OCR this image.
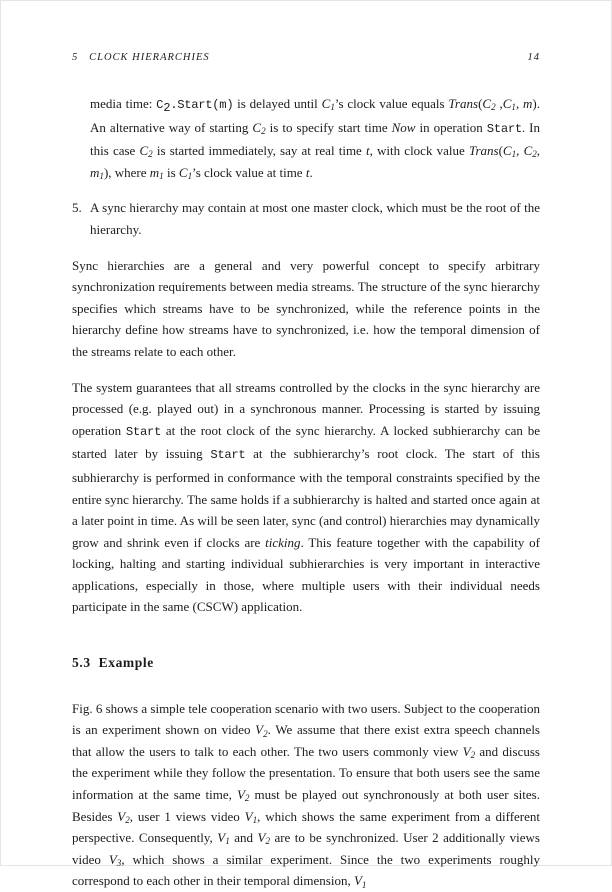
5   CLOCK HIERARCHIES	14
media time: $C_2.Start(m)$ is delayed until $C_1’s$ clock value equals $Trans(C_2$ $,C_1$, m). An alternative way of starting $C_2$ is to specify start time Now in operation Start. In this case $C_2$ is started immediately, say at real time t, with clock value $Trans(C_1$, $C_2$, $m_1$), where $m_1$ is $C_1’s$ clock value at time t.
5. A sync hierarchy may contain at most one master clock, which must be the root of the hierarchy.

Sync hierarchies are a general and very powerful concept to specify arbitrary synchronization requirements between media streams. The structure of the sync hierarchy specifies which streams have to be synchronized, while the reference points in the hierarchy define how streams have to synchronized, i.e. how the temporal dimension of the streams relate to each other.

The system guarantees that all streams controlled by the clocks in the sync hierarchy are processed (e.g. played out) in a synchronous manner. Processing is started by issuing operation Start at the root clock of the sync hierarchy. A locked subhierarchy can be started later by issuing Start at the subhierarchy’s root clock. The start of this subhierarchy is performed in conformance with the temporal constraints specified by the entire sync hierarchy. The same holds if a subhierarchy is halted and started once again at a later point in time. As will be seen later, sync (and control) hierarchies may dynamically grow and shrink even if clocks are ticking. This feature together with the capability of locking, halting and starting individual subhierarchies is very important in interactive applications, especially in those, where multiple users with their individual needs participate in the same (CSCW) application.

5.3  Example

Fig. 6 shows a simple tele cooperation scenario with two users. Subject to the cooperation is an experiment shown on video $V_2$. We assume that there exist extra speech channels that allow the users to talk to each other. The two users commonly view $V_2$ and discuss the experiment while they follow the presentation. To ensure that both users see the same information at the same time, $V_2$ must be played out synchronously at both user sites. Besides $V_2$, user 1 views video $V_1$, which shows the same experiment from a different perspective. Consequently, $V_1$ and $V_2$ are to be synchronized. User 2 additionally views video $V_3$, which shows a similar experiment. Since the two experiments roughly correspond to each other in their temporal dimension, $V_1$
